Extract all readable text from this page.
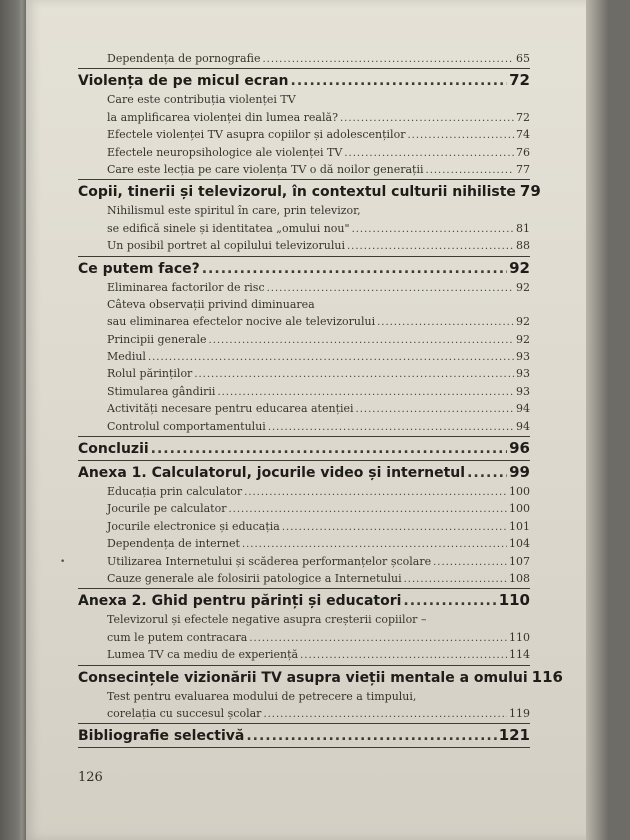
Dependența de pornografie .....	65
Violența de pe micul ecran .....	72
Care este contribuția violenței TV
la amplificarea violenței din lumea reală? .....	72
Efectele violenței TV asupra copiilor și adolescenților .....	74
Efectele neuropsihologice ale violenței TV .....	76
Care este lecția pe care violența TV o dă noilor generații .....	77
Copii, tinerii și televizorul, în contextul culturii nihiliste 79
Nihilismul este spiritul în care, prin televizor,
se edifică sinele și identitatea „omului nou" .....	81
Un posibil portret al copilului televizorului .....	88
Ce putem face? .....	92
Eliminarea factorilor de risc .....	92
Câteva observații privind diminuarea
sau eliminarea efectelor nocive ale televizorului .....	92
Principii generale .....	92
Mediul .....	93
Rolul părinților .....	93
Stimularea gândirii .....	93
Activități necesare pentru educarea atenției .....	94
Controlul comportamentului .....	94
Concluzii .....	96
Anexa 1. Calculatorul, jocurile video și internetul .....	99
Educația prin calculator .....	100
Jocurile pe calculator .....	100
Jocurile electronice și educația .....	101
Dependența de internet .....	104
Utilizarea Internetului și scăderea performanțelor școlare .....	107
Cauze generale ale folosirii patologice a Internetului .....	108
Anexa 2. Ghid pentru părinți și educatori .....	110
Televizorul și efectele negative asupra creșterii copiilor –
cum le putem contracara .....	110
Lumea TV ca mediu de experiență .....	114
Consecințele vizionării TV asupra vieții mentale a omului 116
Test pentru evaluarea modului de petrecere a timpului,
corelația cu succesul școlar .....	119
Bibliografie selectivă .....	121
•
126
